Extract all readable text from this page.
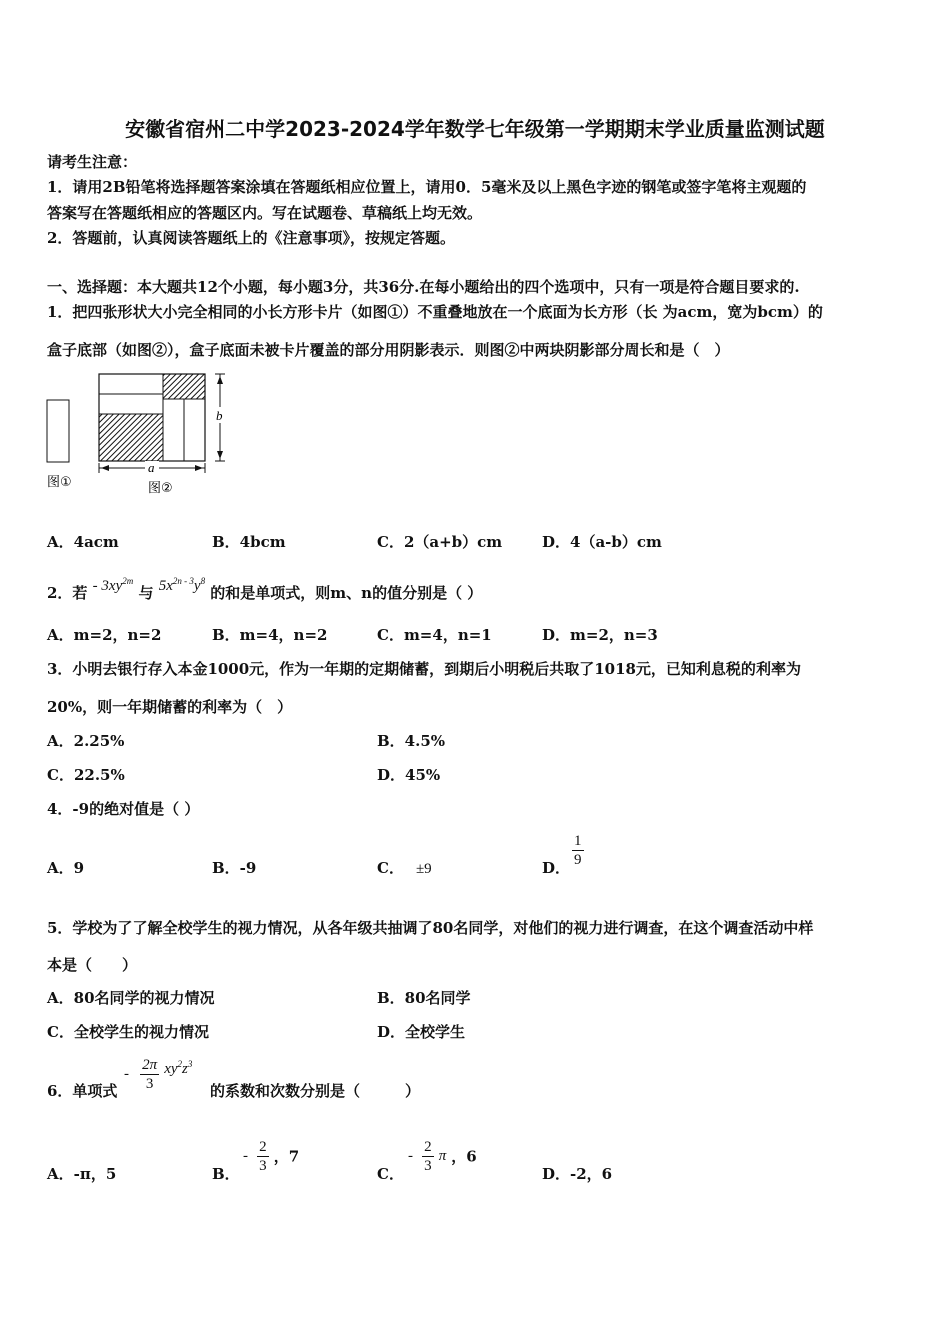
安徽省宿州二中学2023-2024学年数学七年级第一学期期末学业质量监测试题
请考生注意：
1．请用2B铅笔将选择题答案涂填在答题纸相应位置上，请用0．5毫米及以上黑色字迹的钢笔或签字笔将主观题的
答案写在答题纸相应的答题区内。写在试题卷、草稿纸上均无效。
2．答题前，认真阅读答题纸上的《注意事项》，按规定答题。
一、选择题：本大题共12个小题，每小题3分，共36分.在每小题给出的四个选项中，只有一项是符合题目要求的.
1．把四张形状大小完全相同的小长方形卡片（如图①）不重叠地放在一个底面为长方形（长 为acm，宽为bcm）的
盒子底部（如图②），盒子底面未被卡片覆盖的部分用阴影表示．则图②中两块阴影部分周长和是（　）
图①
b
a
图②
A．4acm	B．4bcm	C．2（a+b）cm	D．4（a-b）cm
2．若 - $3xy^{2m}$ 与 $5x^{2n - 3}y^8$ 的和是单项式，则m、n的值分别是（ ）
A．m=2，n=2	B．m=4，n=2	C．m=4，n=1	D．m=2，n=3
3．小明去银行存入本金1000元，作为一年期的定期储蓄，到期后小明税后共取了1018元，已知利息税的利率为
20%，则一年期储蓄的利率为（　）
A．2.25%	B．4.5%
C．22.5%	D．45%
4．-9的绝对值是（ ）
A．9	B．-9	C． ±9	D． $\frac{1}{9}$
5．学校为了了解全校学生的视力情况，从各年级共抽调了80名同学，对他们的视力进行调查，在这个调查活动中样
本是（　　）
A．80名同学的视力情况	B．80名同学
C．全校学生的视力情况	D．全校学生
6．单项式
- $\frac{2\pi}{3} xy^2z^3$
的系数和次数分别是（　　　）
A．-π，5	B．
- $\frac{2}{3}$ ，7
C．
- $\frac{2}{3}$ π ，6
D．-2，6
